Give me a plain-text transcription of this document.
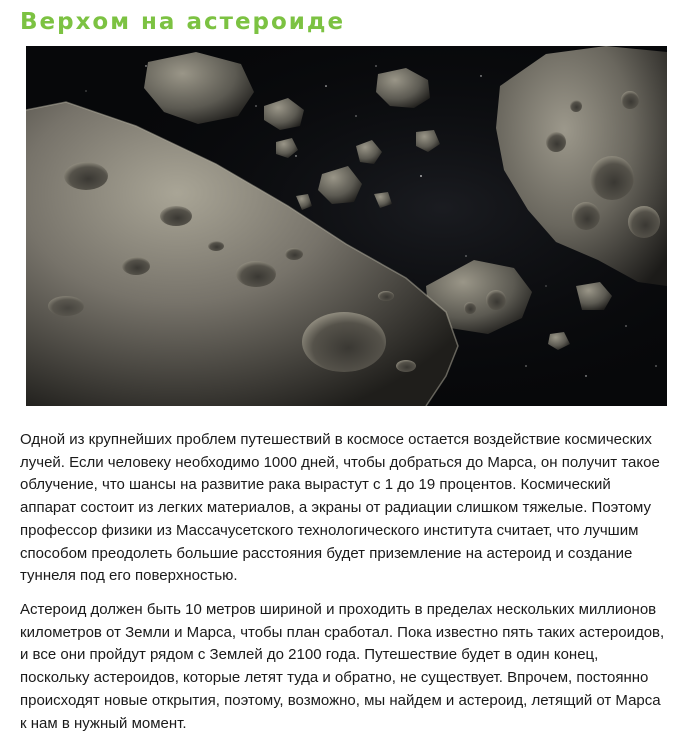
Верхом на астероиде

Одной из крупнейших проблем путешествий в космосе остается воздействие космических
лучей. Если человеку необходимо 1000 дней, чтобы добраться до Марса, он получит такое
облучение, что шансы на развитие рака вырастут с 1 до 19 процентов. Космический
аппарат состоит из легких материалов, а экраны от радиации слишком тяжелые. Поэтому
профессор физики из Массачусетского технологического института считает, что лучшим
способом преодолеть большие расстояния будет приземление на астероид и создание
туннеля под его поверхностью.

Астероид должен быть 10 метров шириной и проходить в пределах нескольких миллионов
километров от Земли и Марса, чтобы план сработал. Пока известно пять таких астероидов,
и все они пройдут рядом с Землей до 2100 года. Путешествие будет в один конец,
поскольку астероидов, которые летят туда и обратно, не существует. Впрочем, постоянно
происходят новые открытия, поэтому, возможно, мы найдем и астероид, летящий от Марса
к нам в нужный момент.
